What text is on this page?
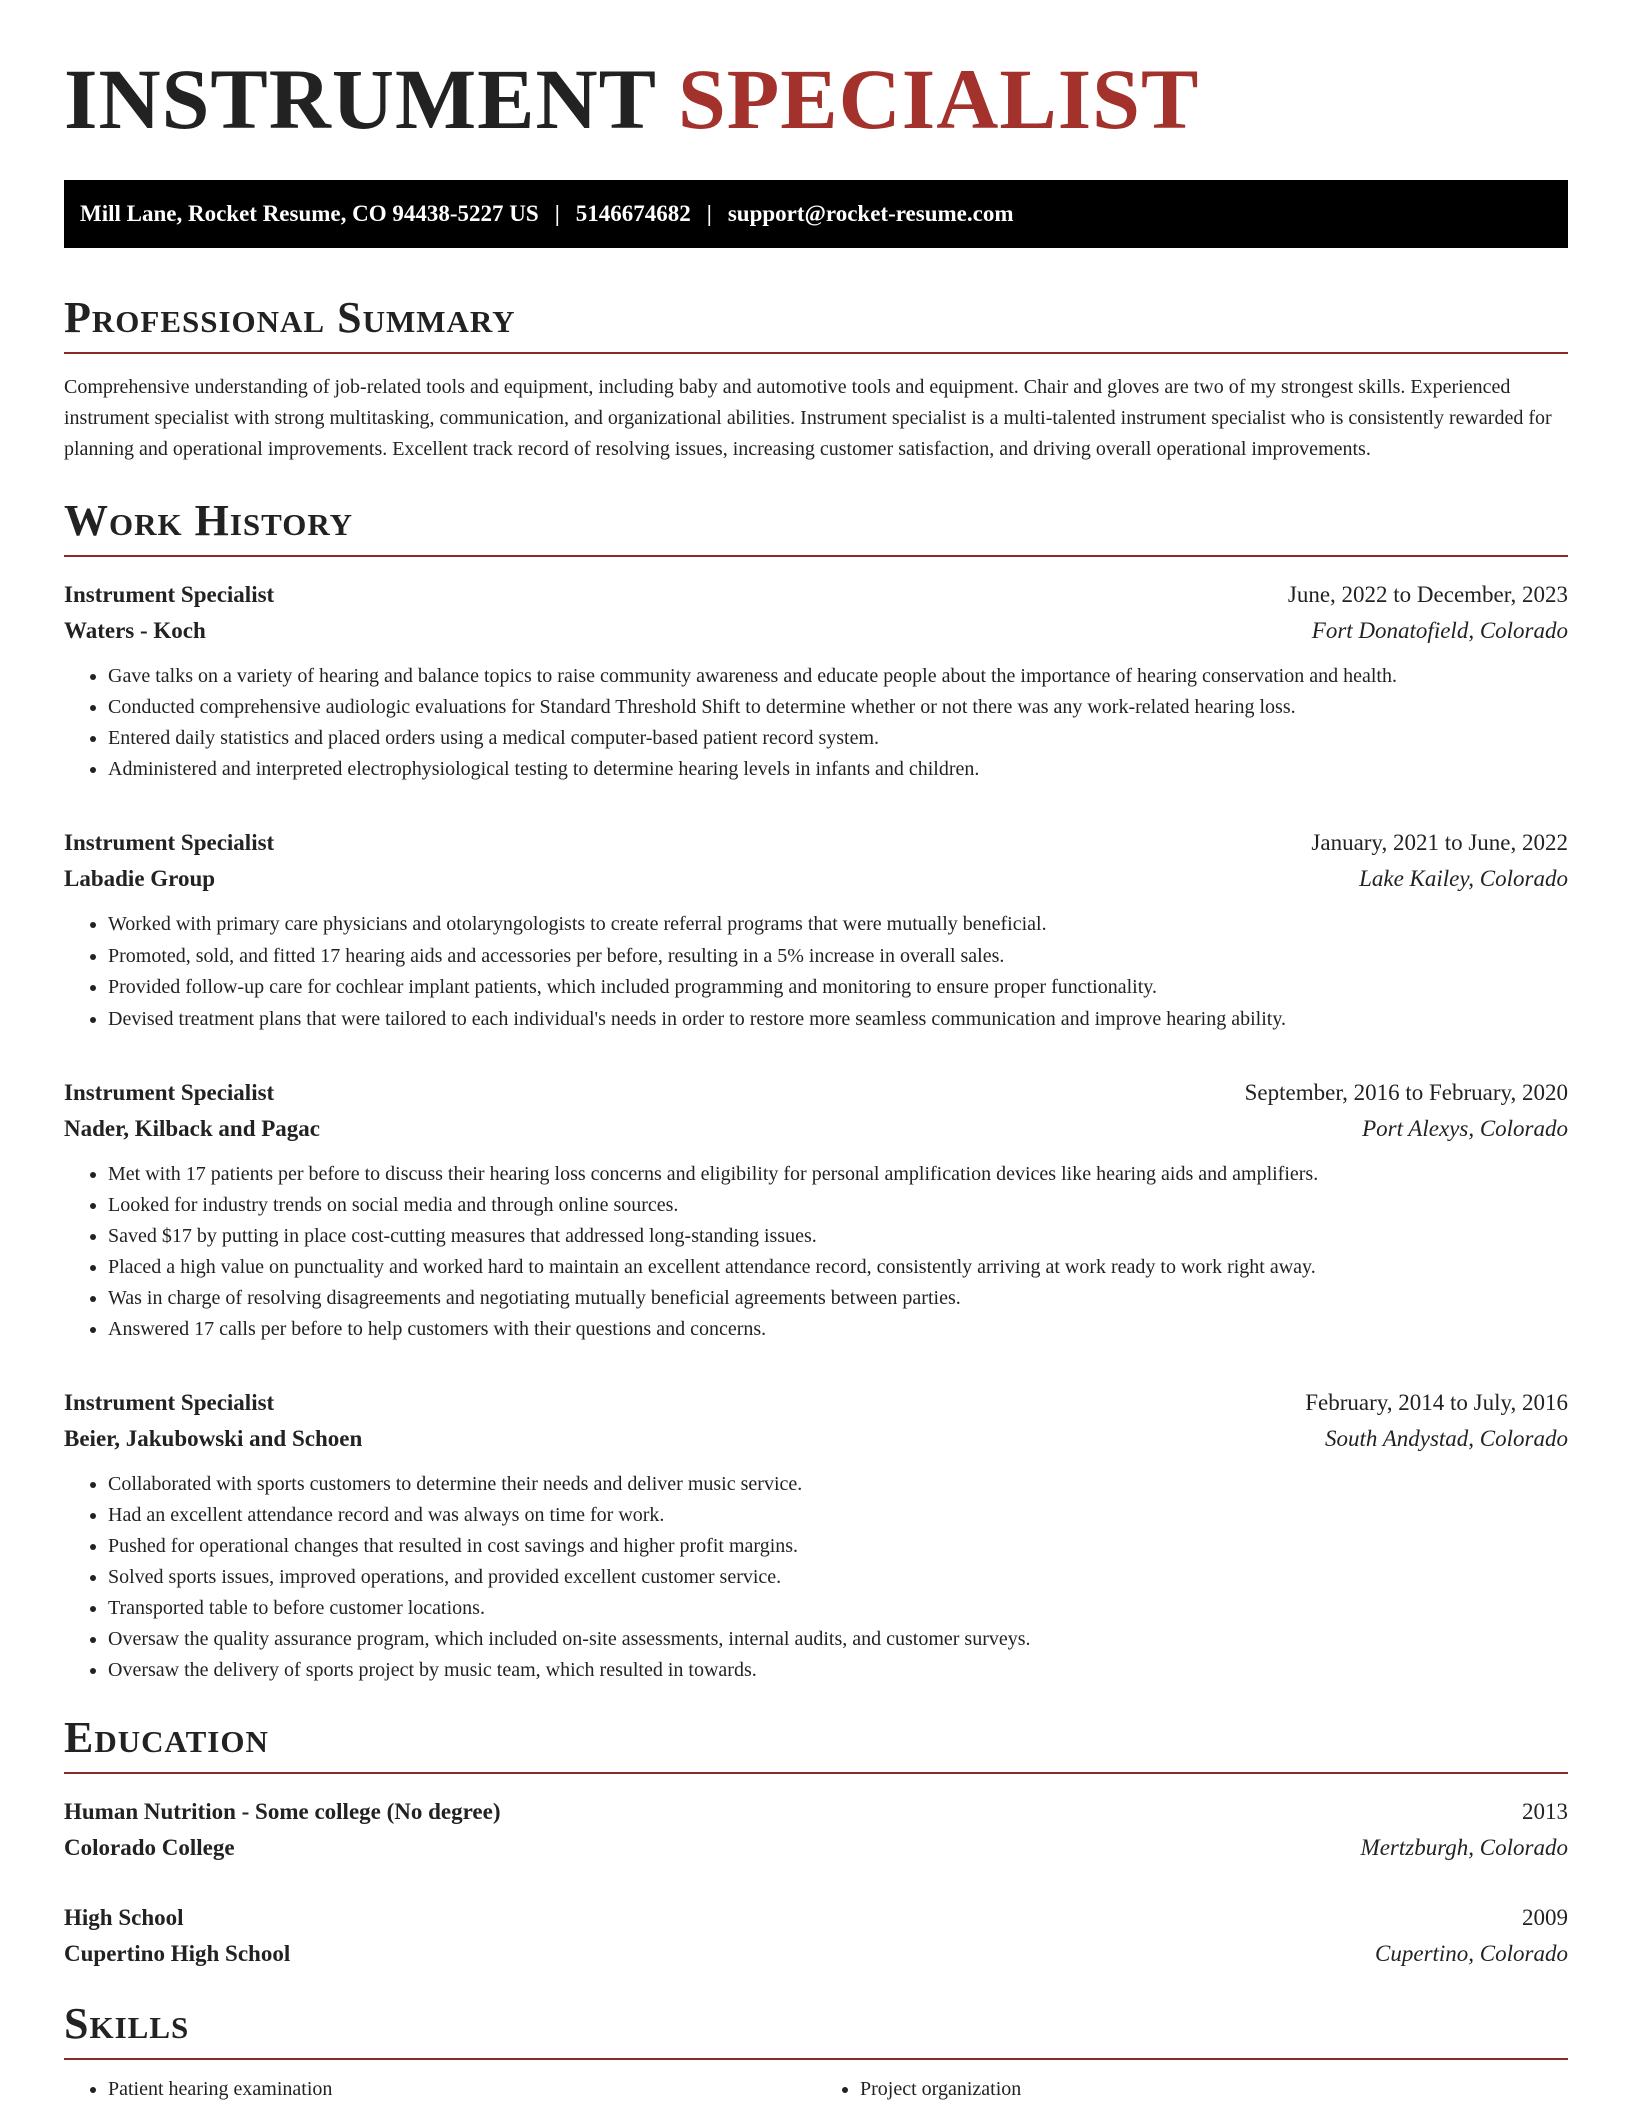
INSTRUMENT SPECIALIST
Mill Lane, Rocket Resume, CO 94438-5227 US | 5146674682 | support@rocket-resume.com
Professional Summary

Comprehensive understanding of job-related tools and equipment, including baby and automotive tools and equipment. Chair and gloves are two of my strongest skills. Experienced instrument specialist with strong multitasking, communication, and organizational abilities. Instrument specialist is a multi-talented instrument specialist who is consistently rewarded for planning and operational improvements. Excellent track record of resolving issues, increasing customer satisfaction, and driving overall operational improvements.

Work History
Instrument Specialist	June, 2022 to December, 2023
Waters - Koch	Fort Donatofield, Colorado
• Gave talks on a variety of hearing and balance topics to raise community awareness and educate people about the importance of hearing conservation and health.
• Conducted comprehensive audiologic evaluations for Standard Threshold Shift to determine whether or not there was any work-related hearing loss.
• Entered daily statistics and placed orders using a medical computer-based patient record system.
• Administered and interpreted electrophysiological testing to determine hearing levels in infants and children.
Instrument Specialist	January, 2021 to June, 2022
Labadie Group	Lake Kailey, Colorado
• Worked with primary care physicians and otolaryngologists to create referral programs that were mutually beneficial.
• Promoted, sold, and fitted 17 hearing aids and accessories per before, resulting in a 5% increase in overall sales.
• Provided follow-up care for cochlear implant patients, which included programming and monitoring to ensure proper functionality.
• Devised treatment plans that were tailored to each individual's needs in order to restore more seamless communication and improve hearing ability.
Instrument Specialist	September, 2016 to February, 2020
Nader, Kilback and Pagac	Port Alexys, Colorado
• Met with 17 patients per before to discuss their hearing loss concerns and eligibility for personal amplification devices like hearing aids and amplifiers.
• Looked for industry trends on social media and through online sources.
• Saved $17 by putting in place cost-cutting measures that addressed long-standing issues.
• Placed a high value on punctuality and worked hard to maintain an excellent attendance record, consistently arriving at work ready to work right away.
• Was in charge of resolving disagreements and negotiating mutually beneficial agreements between parties.
• Answered 17 calls per before to help customers with their questions and concerns.
Instrument Specialist	February, 2014 to July, 2016
Beier, Jakubowski and Schoen	South Andystad, Colorado
• Collaborated with sports customers to determine their needs and deliver music service.
• Had an excellent attendance record and was always on time for work.
• Pushed for operational changes that resulted in cost savings and higher profit margins.
• Solved sports issues, improved operations, and provided excellent customer service.
• Transported table to before customer locations.
• Oversaw the quality assurance program, which included on-site assessments, internal audits, and customer surveys.
• Oversaw the delivery of sports project by music team, which resulted in towards.
Education
Human Nutrition - Some college (No degree)	2013
Colorado College	Mertzburgh, Colorado
High School	2009
Cupertino High School	Cupertino, Colorado
Skills
• Patient hearing examination
•	Project organization
